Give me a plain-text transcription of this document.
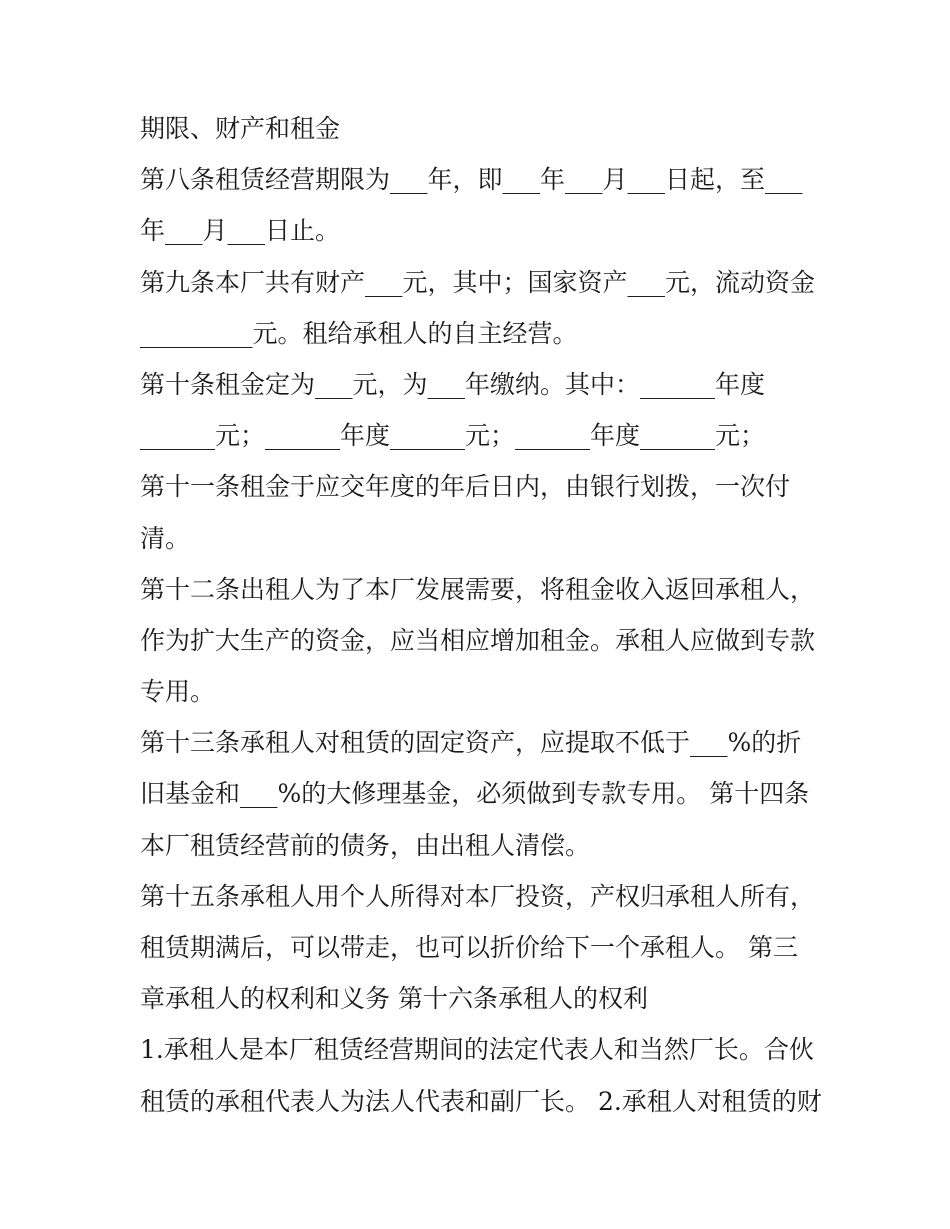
期限、财产和租金
第八条租赁经营期限为___年，即___年___月___日起，至___
年___月___日止。
第九条本厂共有财产___元，其中；国家资产___元，流动资金
_________元。租给承租人的自主经营。
第十条租金定为___元，为___年缴纳。其中：______年度
______元；______年度______元；______年度______元；
第十一条租金于应交年度的年后日内，由银行划拨，一次付
清。
第十二条出租人为了本厂发展需要，将租金收入返回承租人，
作为扩大生产的资金，应当相应增加租金。承租人应做到专款
专用。
第十三条承租人对租赁的固定资产，应提取不低于___%的折
旧基金和___%的大修理基金，必须做到专款专用。 第十四条
本厂租赁经营前的债务，由出租人清偿。
第十五条承租人用个人所得对本厂投资，产权归承租人所有，
租赁期满后，可以带走，也可以折价给下一个承租人。 第三
章承租人的权利和义务 第十六条承租人的权利
1.承租人是本厂租赁经营期间的法定代表人和当然厂长。合伙
租赁的承租代表人为法人代表和副厂长。 2.承租人对租赁的财
